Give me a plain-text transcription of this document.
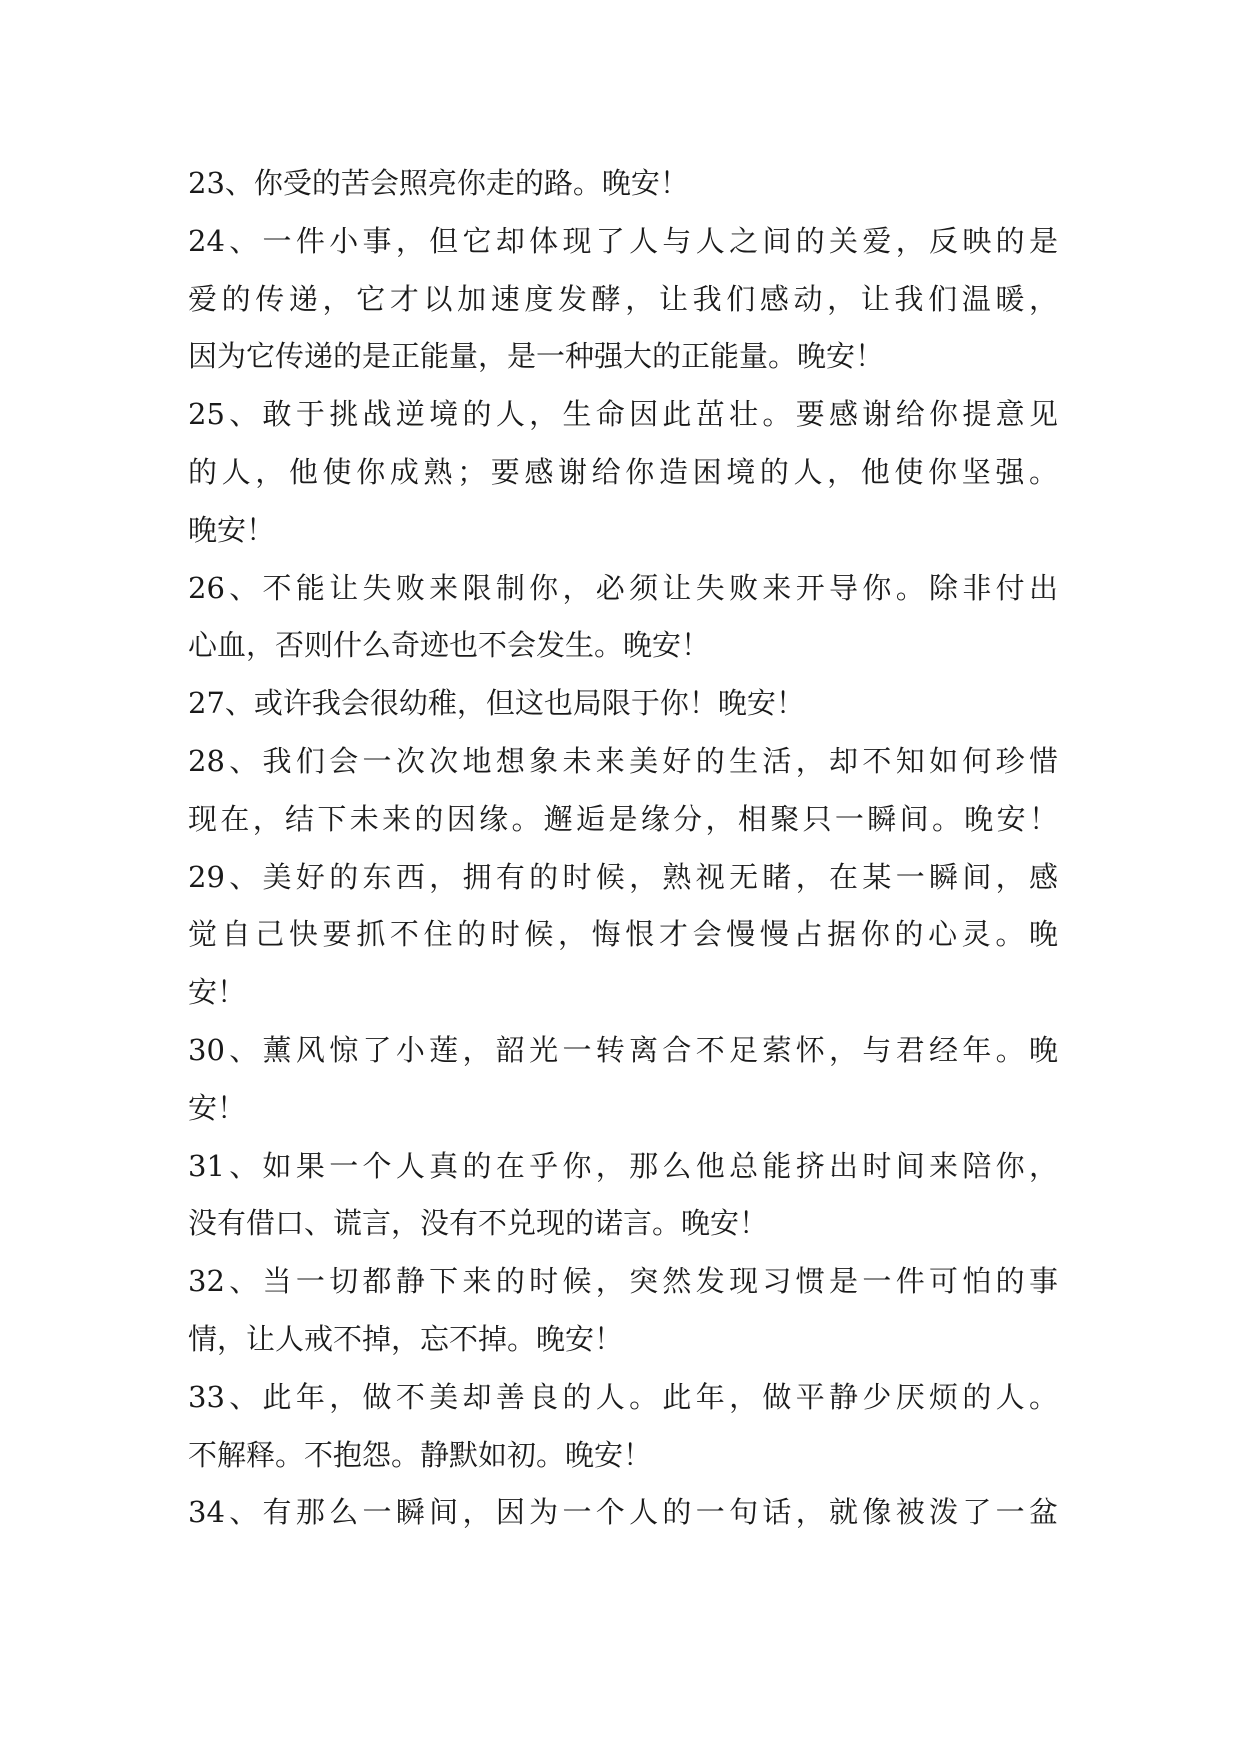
23、你受的苦会照亮你走的路。晚安！
24、一件小事，但它却体现了人与人之间的关爱，反映的是
爱的传递，它才以加速度发酵，让我们感动，让我们温暖，
因为它传递的是正能量，是一种强大的正能量。晚安！
25、敢于挑战逆境的人，生命因此茁壮。要感谢给你提意见
的人，他使你成熟；要感谢给你造困境的人，他使你坚强。
晚安！
26、不能让失败来限制你，必须让失败来开导你。除非付出
心血，否则什么奇迹也不会发生。晚安！
27、或许我会很幼稚，但这也局限于你！晚安！
28、我们会一次次地想象未来美好的生活，却不知如何珍惜
现在，结下未来的因缘。邂逅是缘分，相聚只一瞬间。晚安！
29、美好的东西，拥有的时候，熟视无睹，在某一瞬间，感
觉自己快要抓不住的时候，悔恨才会慢慢占据你的心灵。晚
安！
30、薰风惊了小莲，韶光一转离合不足萦怀，与君经年。晚
安！
31、如果一个人真的在乎你，那么他总能挤出时间来陪你，
没有借口、谎言，没有不兑现的诺言。晚安！
32、当一切都静下来的时候，突然发现习惯是一件可怕的事
情，让人戒不掉，忘不掉。晚安！
33、此年，做不美却善良的人。此年，做平静少厌烦的人。
不解释。不抱怨。静默如初。晚安！
34、有那么一瞬间，因为一个人的一句话，就像被泼了一盆
